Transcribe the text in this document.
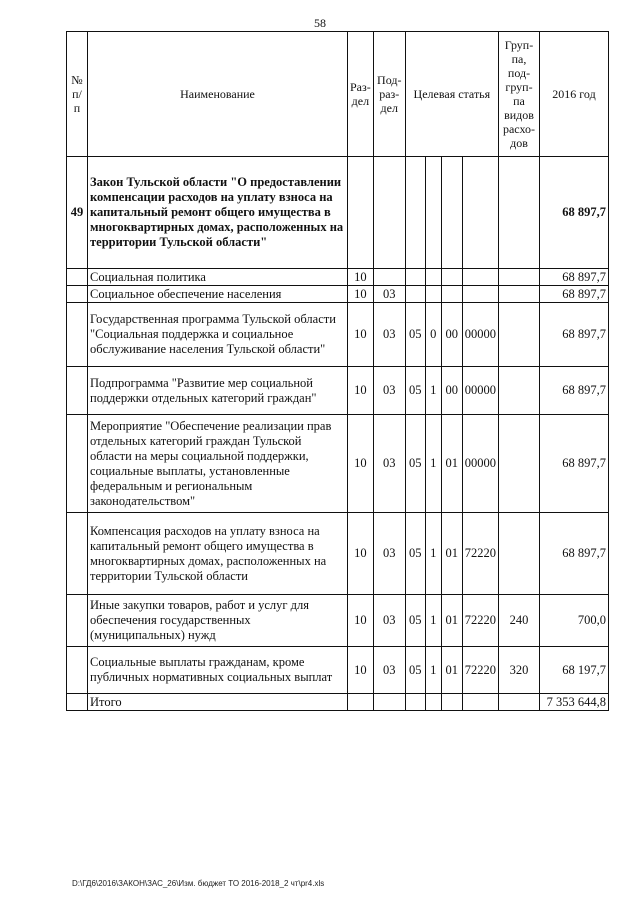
58
№ п/п	Наименование	Раз-дел	Под-раз-дел	Целевая статья				Груп-па, под-груп-па видов расхо-дов	2016 год
49	Закон Тульской области "О предоставлении компенсации расходов на уплату взноса на капитальный ремонт общего имущества в многоквартирных домах, расположенных на территории Тульской области"								68 897,7
	Социальная политика	10							68 897,7
	Социальное обеспечение населения	10	03						68 897,7
	Государственная программа Тульской области "Социальная поддержка и социальное обслуживание населения Тульской области"	10	03	05	0	00	00000		68 897,7
	Подпрограмма "Развитие мер социальной поддержки отдельных категорий граждан"	10	03	05	1	00	00000		68 897,7
	Мероприятие "Обеспечение реализации прав отдельных категорий граждан Тульской области на меры социальной поддержки, социальные выплаты, установленные федеральным и региональным законодательством"	10	03	05	1	01	00000		68 897,7
	Компенсация расходов на уплату взноса на капитальный ремонт общего имущества в многоквартирных домах, расположенных на территории Тульской области	10	03	05	1	01	72220		68 897,7
	Иные закупки товаров, работ и услуг для обеспечения государственных (муниципальных) нужд	10	03	05	1	01	72220	240	700,0
	Социальные выплаты гражданам, кроме публичных нормативных социальных выплат	10	03	05	1	01	72220	320	68 197,7
	Итого								7 353 644,8
D:\ГД6\2016\ЗАКОН\ЗАС_26\Изм. бюджет ТО 2016-2018_2 чт\pr4.xls
